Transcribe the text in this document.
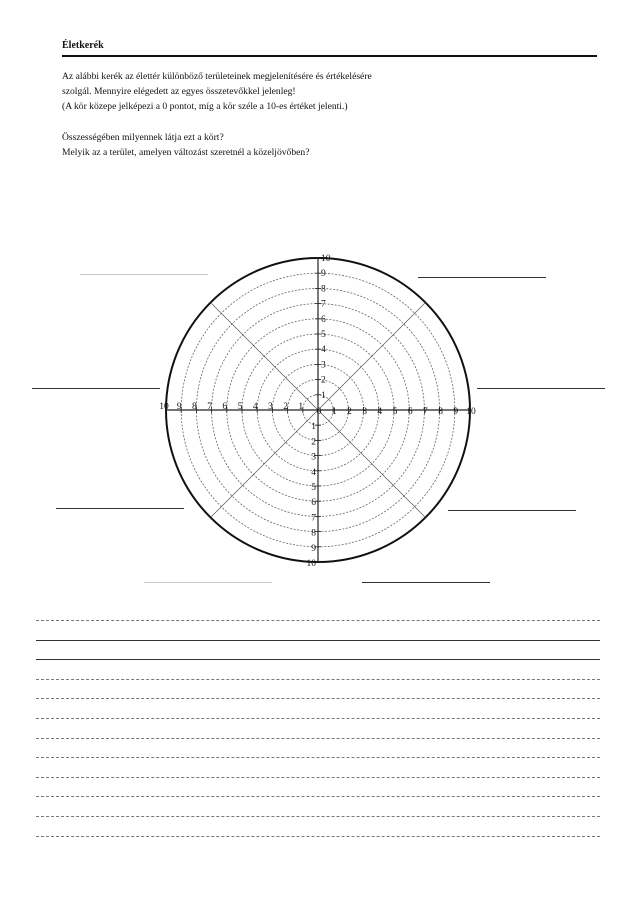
Életkerék

Az alábbi kerék az élettér különböző területeinek megjelenítésére és értékelésére

szolgál. Mennyire elégedett az egyes összetevőkkel jelenleg!

(A kör közepe jelképezi a 0 pontot, míg a kör széle a 10-es értéket jelenti.)

Összességében milyennek látja ezt a kört?

Melyik az a terület, amelyen változást szeretnél a közeljövőben?

0 1 2 3 4 5 6 7 8 9 10
1
2
3
4
5
6
7
8
9
10
1
2
3
4
5
6
7
8
9
10
1
2
3
4
5
6
7
8
9
10
